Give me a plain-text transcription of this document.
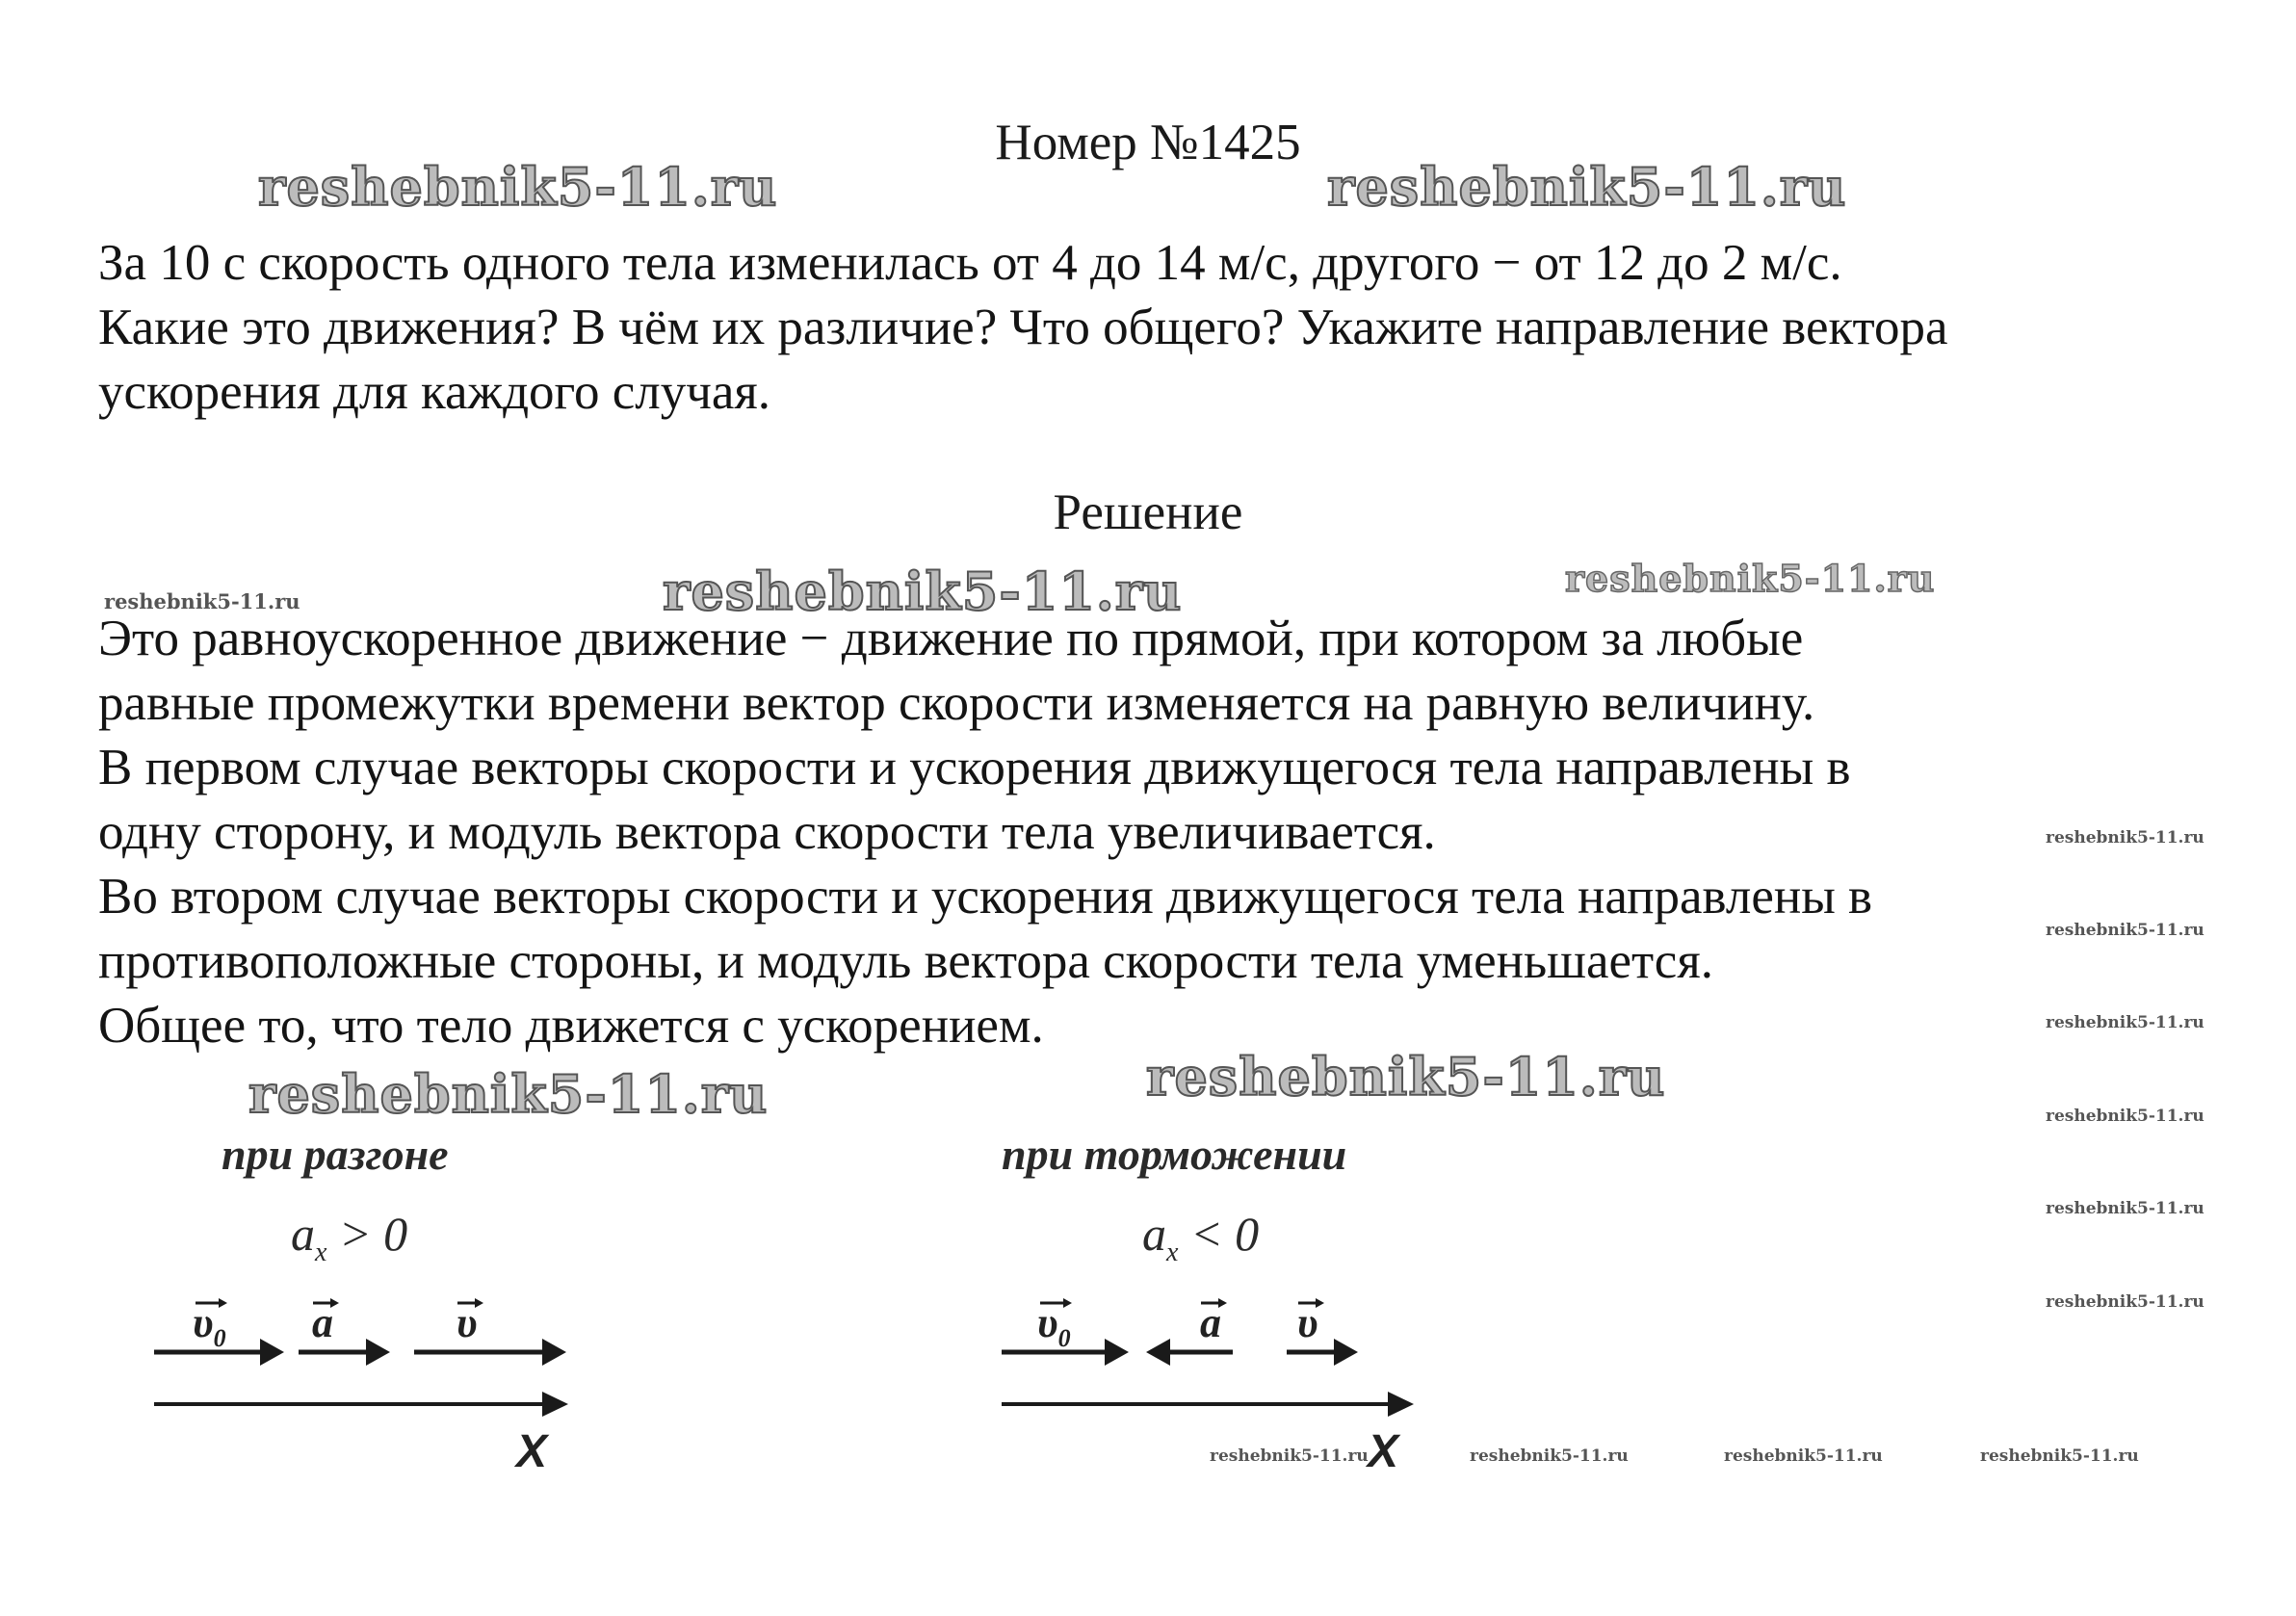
reshebnik5-11.ru	reshebnik5-11.ru
reshebnik5-11.ru	reshebnik5-11.ru
reshebnik5-11.ru
reshebnik5-11.ru	reshebnik5-11.ru
reshebnik5-11.ru
reshebnik5-11.ru
reshebnik5-11.ru
reshebnik5-11.ru
reshebnik5-11.ru
reshebnik5-11.ru
reshebnik5-11.ru	reshebnik5-11.ru	reshebnik5-11.ru	reshebnik5-11.ru
Номер №1425
За 10 с скорость одного тела изменилась от 4 до 14 м/с, другого − от 12 до 2 м/с.
Какие это движения? В чём их различие? Что общего? Укажите направление вектора
ускорения для каждого случая.
Решение
Это равноускоренное движение − движение по прямой, при котором за любые
равные промежутки времени вектор скорости изменяется на равную величину.
В первом случае векторы скорости и ускорения движущегося тела направлены в
одну сторону, и модуль вектора скорости тела увеличивается.
Во втором случае векторы скорости и ускорения движущегося тела направлены в
противоположные стороны, и модуль вектора скорости тела уменьшается.
Общее то, что тело движется с ускорением.
при разгоне
$a_x > 0$
$\upsilon_0$ a	υ
X
при торможении
$a_x < 0$
$\upsilon_0$	a υ
X
